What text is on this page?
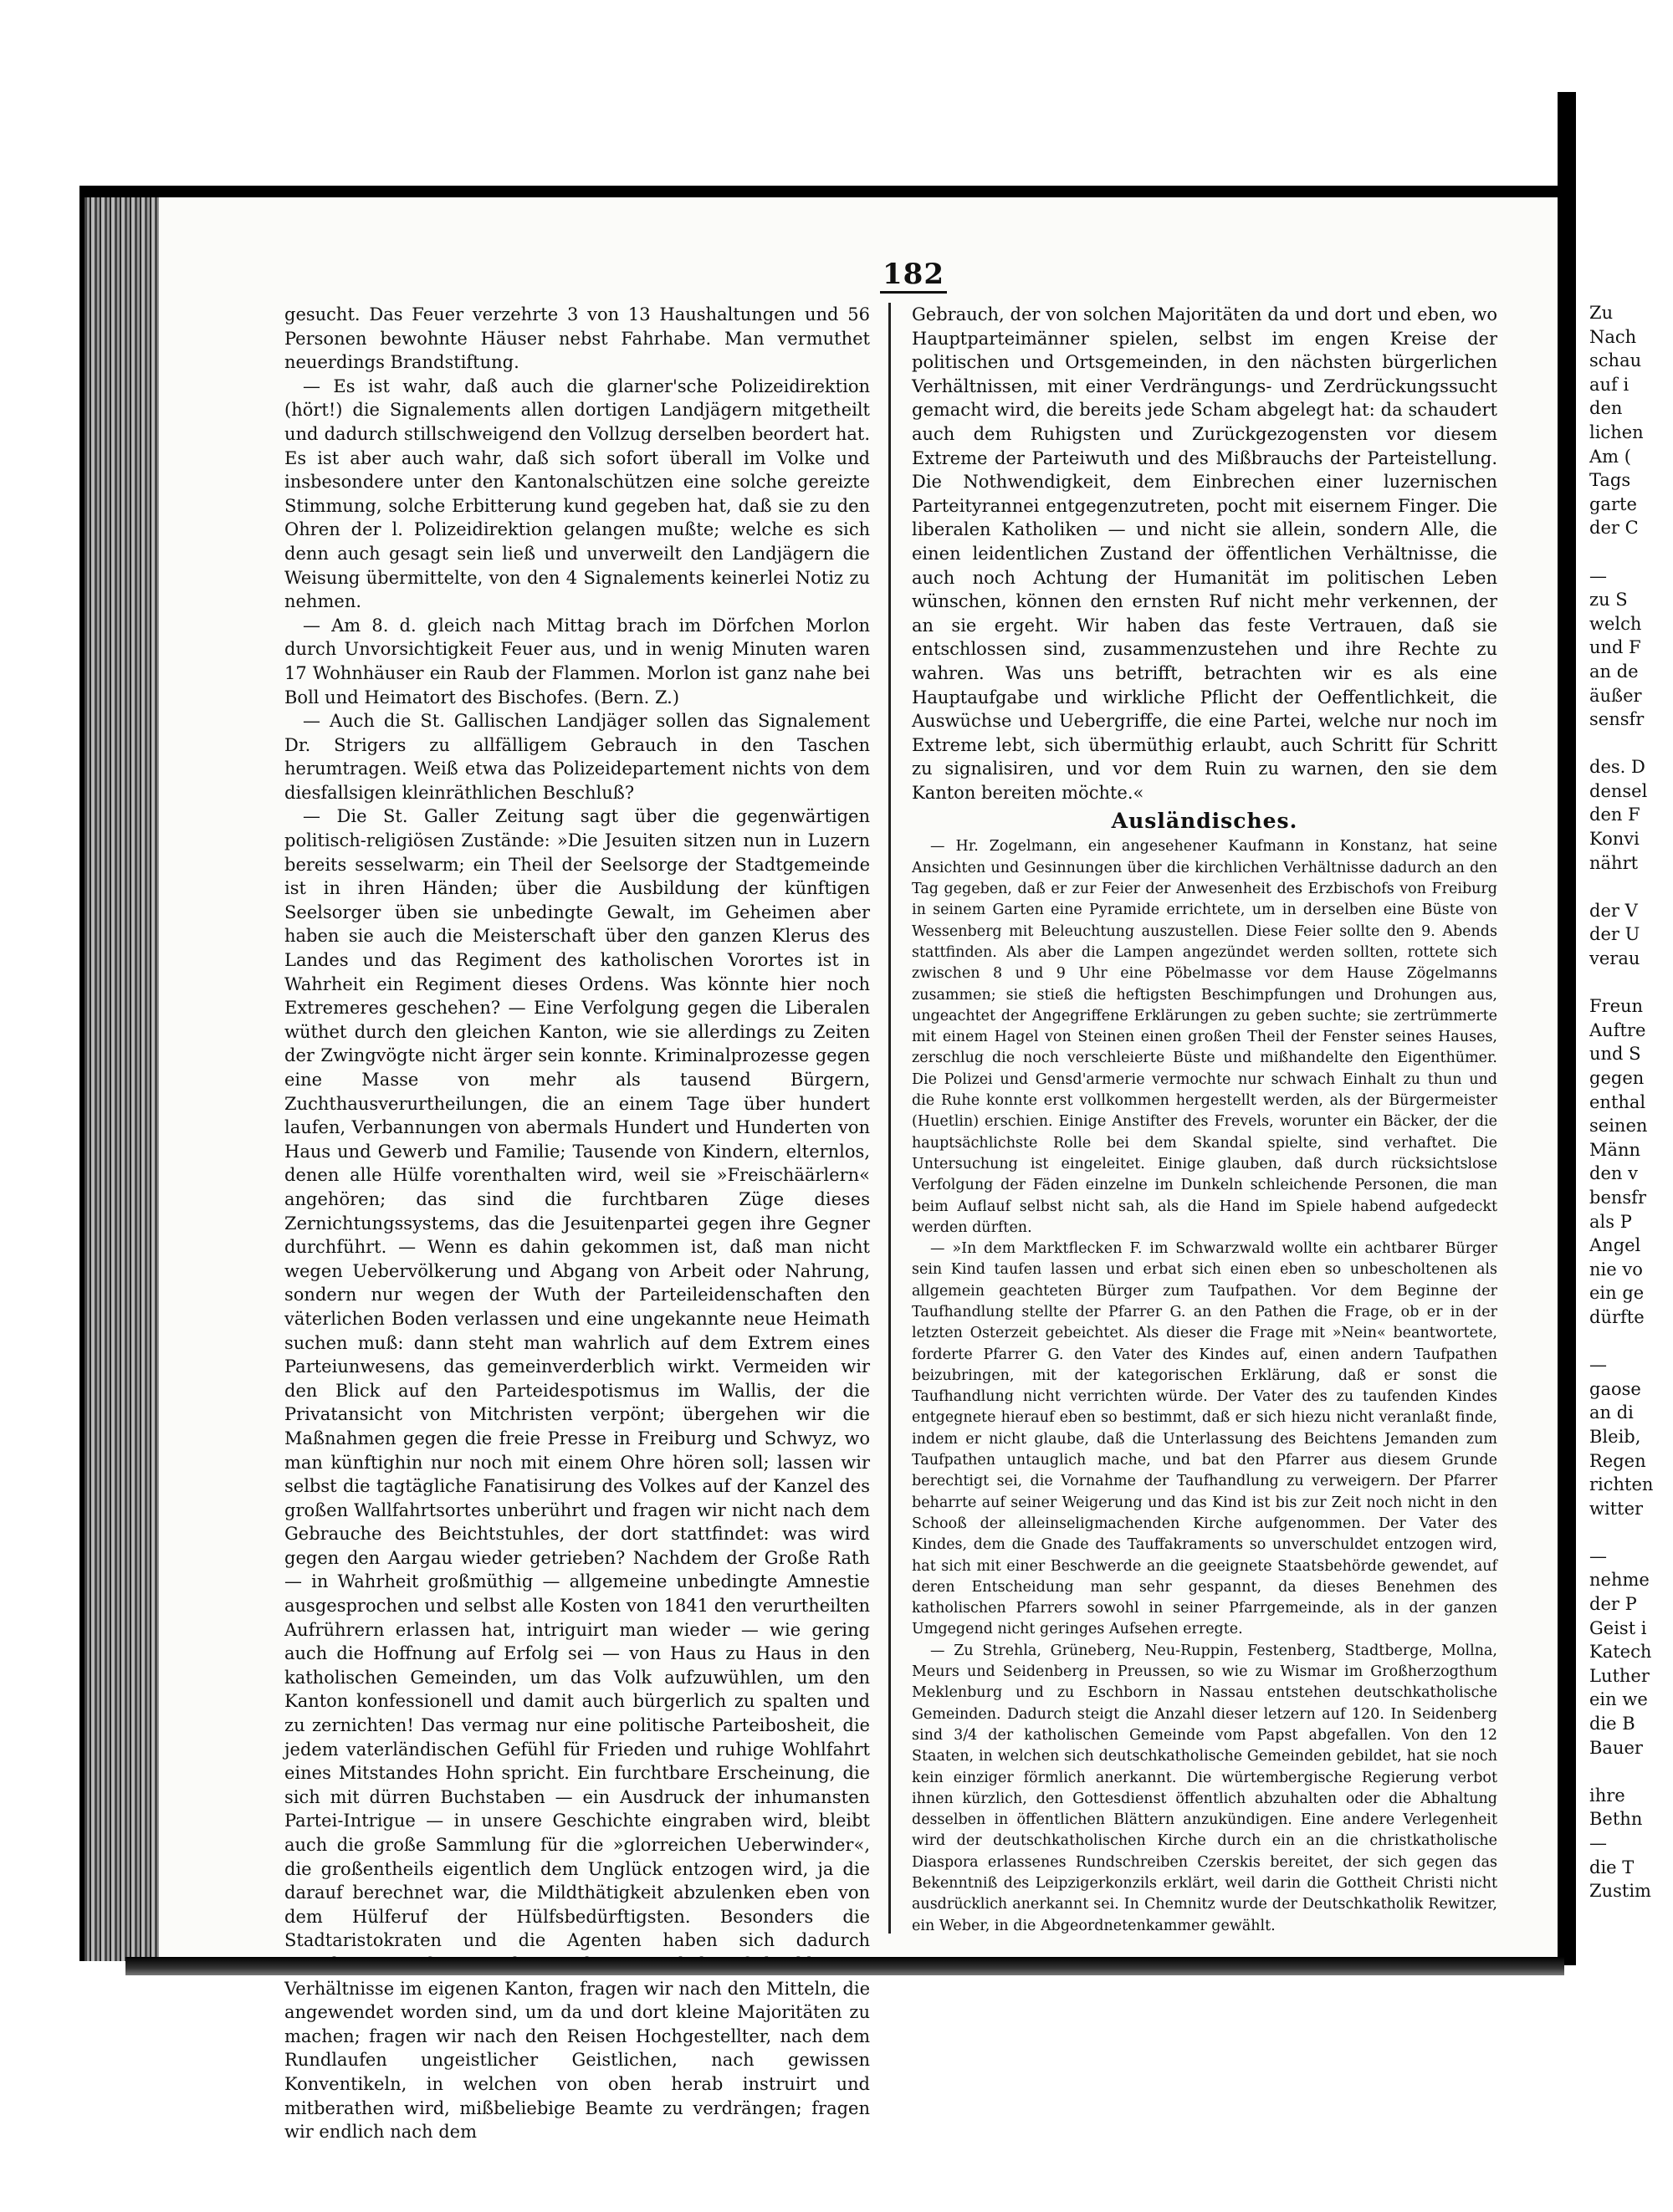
182

gesucht. Das Feuer verzehrte 3 von 13 Haushaltungen und 56 Personen bewohnte Häuser nebst Fahrhabe. Man vermuthet neuerdings Brandstiftung.

— Es ist wahr, daß auch die glarner'sche Polizeidirektion (hört!) die Signalements allen dortigen Landjägern mitgetheilt und dadurch stillschweigend den Vollzug derselben beordert hat. Es ist aber auch wahr, daß sich sofort überall im Volke und insbesondere unter den Kantonalschützen eine solche gereizte Stimmung, solche Erbitterung kund gegeben hat, daß sie zu den Ohren der l. Polizeidirektion gelangen mußte; welche es sich denn auch gesagt sein ließ und unverweilt den Landjägern die Weisung übermittelte, von den 4 Signalements keinerlei Notiz zu nehmen.

— Am 8. d. gleich nach Mittag brach im Dörfchen Morlon durch Unvorsichtigkeit Feuer aus, und in wenig Minuten waren 17 Wohnhäuser ein Raub der Flammen. Morlon ist ganz nahe bei Boll und Heimatort des Bischofes. (Bern. Z.)

— Auch die St. Gallischen Landjäger sollen das Signalement Dr. Strigers zu allfälligem Gebrauch in den Taschen herumtragen. Weiß etwa das Polizeidepartement nichts von dem diesfallsigen kleinräthlichen Beschluß?

— Die St. Galler Zeitung sagt über die gegenwärtigen politisch-religiösen Zustände: »Die Jesuiten sitzen nun in Luzern bereits sesselwarm; ein Theil der Seelsorge der Stadtgemeinde ist in ihren Händen; über die Ausbildung der künftigen Seelsorger üben sie unbedingte Gewalt, im Geheimen aber haben sie auch die Meisterschaft über den ganzen Klerus des Landes und das Regiment des katholischen Vorortes ist in Wahrheit ein Regiment dieses Ordens. Was könnte hier noch Extremeres geschehen? — Eine Verfolgung gegen die Liberalen wüthet durch den gleichen Kanton, wie sie allerdings zu Zeiten der Zwingvögte nicht ärger sein konnte. Kriminalprozesse gegen eine Masse von mehr als tausend Bürgern, Zuchthausverurtheilungen, die an einem Tage über hundert laufen, Verbannungen von abermals Hundert und Hunderten von Haus und Gewerb und Familie; Tausende von Kindern, elternlos, denen alle Hülfe vorenthalten wird, weil sie »Freischäärlern« angehören; das sind die furchtbaren Züge dieses Zernichtungssystems, das die Jesuitenpartei gegen ihre Gegner durchführt. — Wenn es dahin gekommen ist, daß man nicht wegen Uebervölkerung und Abgang von Arbeit oder Nahrung, sondern nur wegen der Wuth der Parteileidenschaften den väterlichen Boden verlassen und eine ungekannte neue Heimath suchen muß: dann steht man wahrlich auf dem Extrem eines Parteiunwesens, das gemeinverderblich wirkt. Vermeiden wir den Blick auf den Parteidespotismus im Wallis, der die Privatansicht von Mitchristen verpönt; übergehen wir die Maßnahmen gegen die freie Presse in Freiburg und Schwyz, wo man künftighin nur noch mit einem Ohre hören soll; lassen wir selbst die tagtägliche Fanatisirung des Volkes auf der Kanzel des großen Wallfahrtsortes unberührt und fragen wir nicht nach dem Gebrauche des Beichtstuhles, der dort stattfindet: was wird gegen den Aargau wieder getrieben? Nachdem der Große Rath — in Wahrheit großmüthig — allgemeine unbedingte Amnestie ausgesprochen und selbst alle Kosten von 1841 den verurtheilten Aufrührern erlassen hat, intriguirt man wieder — wie gering auch die Hoffnung auf Erfolg sei — von Haus zu Haus in den katholischen Gemeinden, um das Volk aufzuwühlen, um den Kanton konfessionell und damit auch bürgerlich zu spalten und zu zernichten! Das vermag nur eine politische Parteibosheit, die jedem vaterländischen Gefühl für Frieden und ruhige Wohlfahrt eines Mitstandes Hohn spricht. Ein furchtbare Erscheinung, die sich mit dürren Buchstaben — ein Ausdruck der inhumansten Partei-Intrigue — in unsere Geschichte eingraben wird, bleibt auch die große Sammlung für die »glorreichen Ueberwinder«, die großentheils eigentlich dem Unglück entzogen wird, ja die darauf berechnet war, die Mildthätigkeit abzulenken eben von dem Hülferuf der Hülfsbedürftigsten. Besonders die Stadtaristokraten und die Agenten haben sich dadurch Verhältnisse im eigenen Kanton, fragen wir nach den Mitteln, die angewendet worden sind, um da und dort kleine Majoritäten zu machen; fragen wir nach den Reisen Hochgestellter, nach dem Rundlaufen ungeistlicher Geistlichen, nach gewissen Konventikeln, in welchen von oben herab instruirt und mitberathen wird, mißbeliebige Beamte zu verdrängen; fragen wir endlich nach dem

Gebrauch, der von solchen Majoritäten da und dort und eben, wo Hauptparteimänner spielen, selbst im engen Kreise der politischen und Ortsgemeinden, in den nächsten bürgerlichen Verhältnissen, mit einer Verdrängungs- und Zerdrückungssucht gemacht wird, die bereits jede Scham abgelegt hat: da schaudert auch dem Ruhigsten und Zurückgezogensten vor diesem Extreme der Parteiwuth und des Mißbrauchs der Parteistellung. Die Nothwendigkeit, dem Einbrechen einer luzernischen Parteityrannei entgegenzutreten, pocht mit eisernem Finger. Die liberalen Katholiken — und nicht sie allein, sondern Alle, die einen leidentlichen Zustand der öffentlichen Verhältnisse, die auch noch Achtung der Humanität im politischen Leben wünschen, können den ernsten Ruf nicht mehr verkennen, der an sie ergeht. Wir haben das feste Vertrauen, daß sie entschlossen sind, zusammenzustehen und ihre Rechte zu wahren. Was uns betrifft, betrachten wir es als eine Hauptaufgabe und wirkliche Pflicht der Oeffentlichkeit, die Auswüchse und Uebergriffe, die eine Partei, welche nur noch im Extreme lebt, sich übermüthig erlaubt, auch Schritt für Schritt zu signalisiren, und vor dem Ruin zu warnen, den sie dem Kanton bereiten möchte.«

Ausländisches.

— Hr. Zogelmann, ein angesehener Kaufmann in Konstanz, hat seine Ansichten und Gesinnungen über die kirchlichen Verhältnisse dadurch an den Tag gegeben, daß er zur Feier der Anwesenheit des Erzbischofs von Freiburg in seinem Garten eine Pyramide errichtete, um in derselben eine Büste von Wessenberg mit Beleuchtung auszustellen. Diese Feier sollte den 9. Abends stattfinden. Als aber die Lampen angezündet werden sollten, rottete sich zwischen 8 und 9 Uhr eine Pöbelmasse vor dem Hause Zögelmanns zusammen; sie stieß die heftigsten Beschimpfungen und Drohungen aus, ungeachtet der Angegriffene Erklärungen zu geben suchte; sie zertrümmerte mit einem Hagel von Steinen einen großen Theil der Fenster seines Hauses, zerschlug die noch verschleierte Büste und mißhandelte den Eigenthümer. Die Polizei und Gensd'armerie vermochte nur schwach Einhalt zu thun und die Ruhe konnte erst vollkommen hergestellt werden, als der Bürgermeister (Huetlin) erschien. Einige Anstifter des Frevels, worunter ein Bäcker, der die hauptsächlichste Rolle bei dem Skandal spielte, sind verhaftet. Die Untersuchung ist eingeleitet. Einige glauben, daß durch rücksichtslose Verfolgung der Fäden einzelne im Dunkeln schleichende Personen, die man beim Auflauf selbst nicht sah, als die Hand im Spiele habend aufgedeckt werden dürften.

— »In dem Marktflecken F. im Schwarzwald wollte ein achtbarer Bürger sein Kind taufen lassen und erbat sich einen eben so unbescholtenen als allgemein geachteten Bürger zum Taufpathen. Vor dem Beginne der Taufhandlung stellte der Pfarrer G. an den Pathen die Frage, ob er in der letzten Osterzeit gebeichtet. Als dieser die Frage mit »Nein« beantwortete, forderte Pfarrer G. den Vater des Kindes auf, einen andern Taufpathen beizubringen, mit der kategorischen Erklärung, daß er sonst die Taufhandlung nicht verrichten würde. Der Vater des zu taufenden Kindes entgegnete hierauf eben so bestimmt, daß er sich hiezu nicht veranlaßt finde, indem er nicht glaube, daß die Unterlassung des Beichtens Jemanden zum Taufpathen untauglich mache, und bat den Pfarrer aus diesem Grunde berechtigt sei, die Vornahme der Taufhandlung zu verweigern. Der Pfarrer beharrte auf seiner Weigerung und das Kind ist bis zur Zeit noch nicht in den Schooß der alleinseligmachenden Kirche aufgenommen. Der Vater des Kindes, dem die Gnade des Tauffakraments so unverschuldet entzogen wird, hat sich mit einer Beschwerde an die geeignete Staatsbehörde gewendet, auf deren Entscheidung man sehr gespannt, da dieses Benehmen des katholischen Pfarrers sowohl in seiner Pfarrgemeinde, als in der ganzen Umgegend nicht geringes Aufsehen erregte.

— Zu Strehla, Grüneberg, Neu-Ruppin, Festenberg, Stadtberge, Mollna, Meurs und Seidenberg in Preussen, so wie zu Wismar im Großherzogthum Meklenburg und zu Eschborn in Nassau entstehen deutschkatholische Gemeinden. Dadurch steigt die Anzahl dieser letzern auf 120. In Seidenberg sind 3/4 der katholischen Gemeinde vom Papst abgefallen. Von den 12 Staaten, in welchen sich deutschkatholische Gemeinden gebildet, hat sie noch kein einziger förmlich anerkannt. Die würtembergische Regierung verbot ihnen kürzlich, den Gottesdienst öffentlich abzuhalten oder die Abhaltung desselben in öffentlichen Blättern anzukündigen. Eine andere Verlegenheit wird der deutschkatholischen Kirche durch ein an die christkatholische Diaspora erlassenes Rundschreiben Czerskis bereitet, der sich gegen das Bekenntniß des Leipzigerkonzils erklärt, weil darin die Gottheit Christi nicht ausdrücklich anerkannt sei. In Chemnitz wurde der Deutschkatholik Rewitzer, ein Weber, in die Abgeordnetenkammer gewählt.

Zu
Nach
schau
auf i
den
lichen
Am (
Tags
garte
der C
—
zu S
welch
und F
an de
äußer
sensfr
des. D
densel
den F
Konvi
nährt
der V
der U
verau
Freun
Auftre
und S
gegen
enthal
seinen
Männ
den v
bensfr
als P
Angel
nie vo
ein ge
dürfte
—
gaose
an di
Bleib,
Regen
richten
witter
—
nehme
der P
Geist i
Katech
Luther
ein we
die B
Bauer
ihre
Bethn
—
die T
Zustim
